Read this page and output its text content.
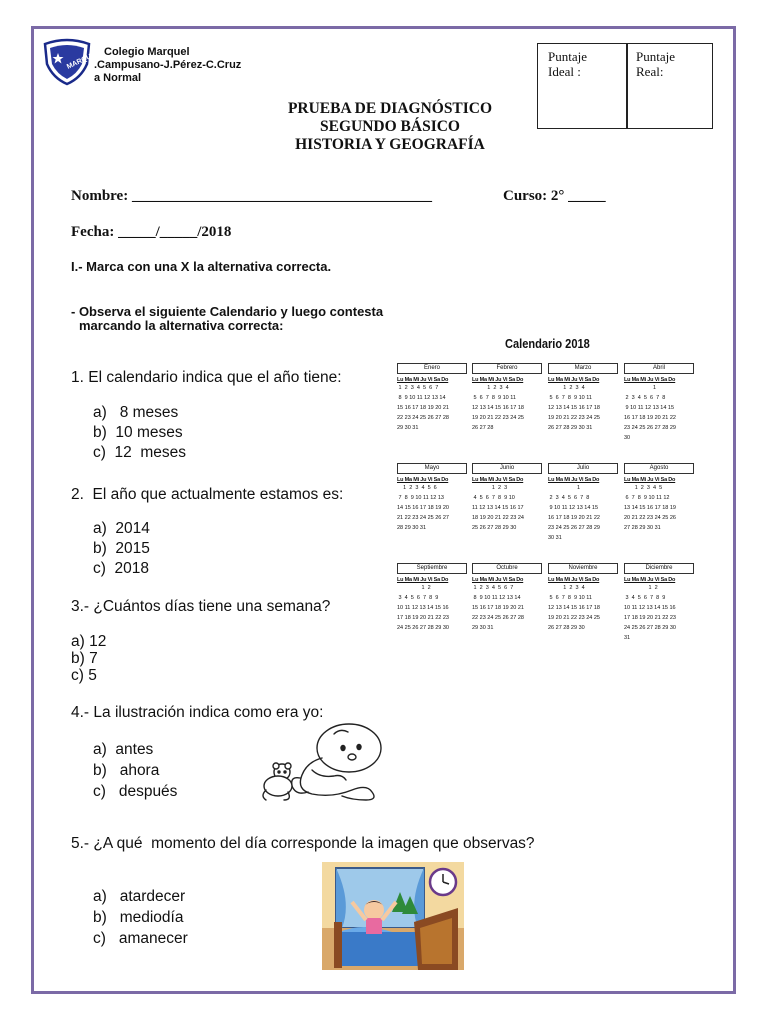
MARQUEL Colegio Marquel
.Campusano-J.Pérez-C.Cruz
a Normal
Puntaje      Ideal :
Puntaje         Real:
PRUEBA DE DIAGNÓSTICO
SEGUNDO BÁSICO
HISTORIA Y GEOGRAFÍA
Nombre: ________________________________________	Curso: 2° _____
Fecha: _____/_____/2018
I.- Marca con una X la alternativa correcta.
- Observa el siguiente Calendario y luego contesta
marcando la alternativa correcta:
1. El calendario indica que el año tiene:
a)   8 meses
b)  10 meses
c)  12  meses
2.  El año que actualmente estamos es:
a)  2014
b)  2015
c)  2018
3.- ¿Cuántos días tiene una semana?
a) 12
b) 7
c) 5
4.- La ilustración indica como era yo:
a)  antes
b)   ahora
c)   después
5.- ¿A qué  momento del día corresponde la imagen que observas?
a)   atardecer
b)   mediodía
c)   amanecer
Calendario 2018
Enero
Lu Ma Mi Ju Vi Sa Do
1  2  3  4  5  6  7
8  9 10 11 12 13 14
15 16 17 18 19 20 21
22 23 24 25 26 27 28
29 30 31
Febrero
Lu Ma Mi Ju Vi Sa Do
1  2  3  4
5  6  7  8  9 10 11
12 13 14 15 16 17 18
19 20 21 22 23 24 25
26 27 28
Marzo
Lu Ma Mi Ju Vi Sa Do
1  2  3  4
5  6  7  8  9 10 11
12 13 14 15 16 17 18
19 20 21 22 23 24 25
26 27 28 29 30 31
Abril
Lu Ma Mi Ju Vi Sa Do
1
2  3  4  5  6  7  8
9 10 11 12 13 14 15
16 17 18 19 20 21 22
23 24 25 26 27 28 29
30
Mayo
Lu Ma Mi Ju Vi Sa Do
1  2  3  4  5  6
7  8  9 10 11 12 13
14 15 16 17 18 19 20
21 22 23 24 25 26 27
28 29 30 31
Junio
Lu Ma Mi Ju Vi Sa Do
1  2  3
4  5  6  7  8  9 10
11 12 13 14 15 16 17
18 19 20 21 22 23 24
25 26 27 28 29 30
Julio
Lu Ma Mi Ju Vi Sa Do
1
2  3  4  5  6  7  8
9 10 11 12 13 14 15
16 17 18 19 20 21 22
23 24 25 26 27 28 29
30 31
Agosto
Lu Ma Mi Ju Vi Sa Do
1  2  3  4  5
6  7  8  9 10 11 12
13 14 15 16 17 18 19
20 21 22 23 24 25 26
27 28 29 30 31
Septiembre
Lu Ma Mi Ju Vi Sa Do
1  2
3  4  5  6  7  8  9
10 11 12 13 14 15 16
17 18 19 20 21 22 23
24 25 26 27 28 29 30
Octubre
Lu Ma Mi Ju Vi Sa Do
1  2  3  4  5  6  7
8  9 10 11 12 13 14
15 16 17 18 19 20 21
22 23 24 25 26 27 28
29 30 31
Noviembre
Lu Ma Mi Ju Vi Sa Do
1  2  3  4
5  6  7  8  9 10 11
12 13 14 15 16 17 18
19 20 21 22 23 24 25
26 27 28 29 30
Diciembre
Lu Ma Mi Ju Vi Sa Do
1  2
3  4  5  6  7  8  9
10 11 12 13 14 15 16
17 18 19 20 21 22 23
24 25 26 27 28 29 30
31
